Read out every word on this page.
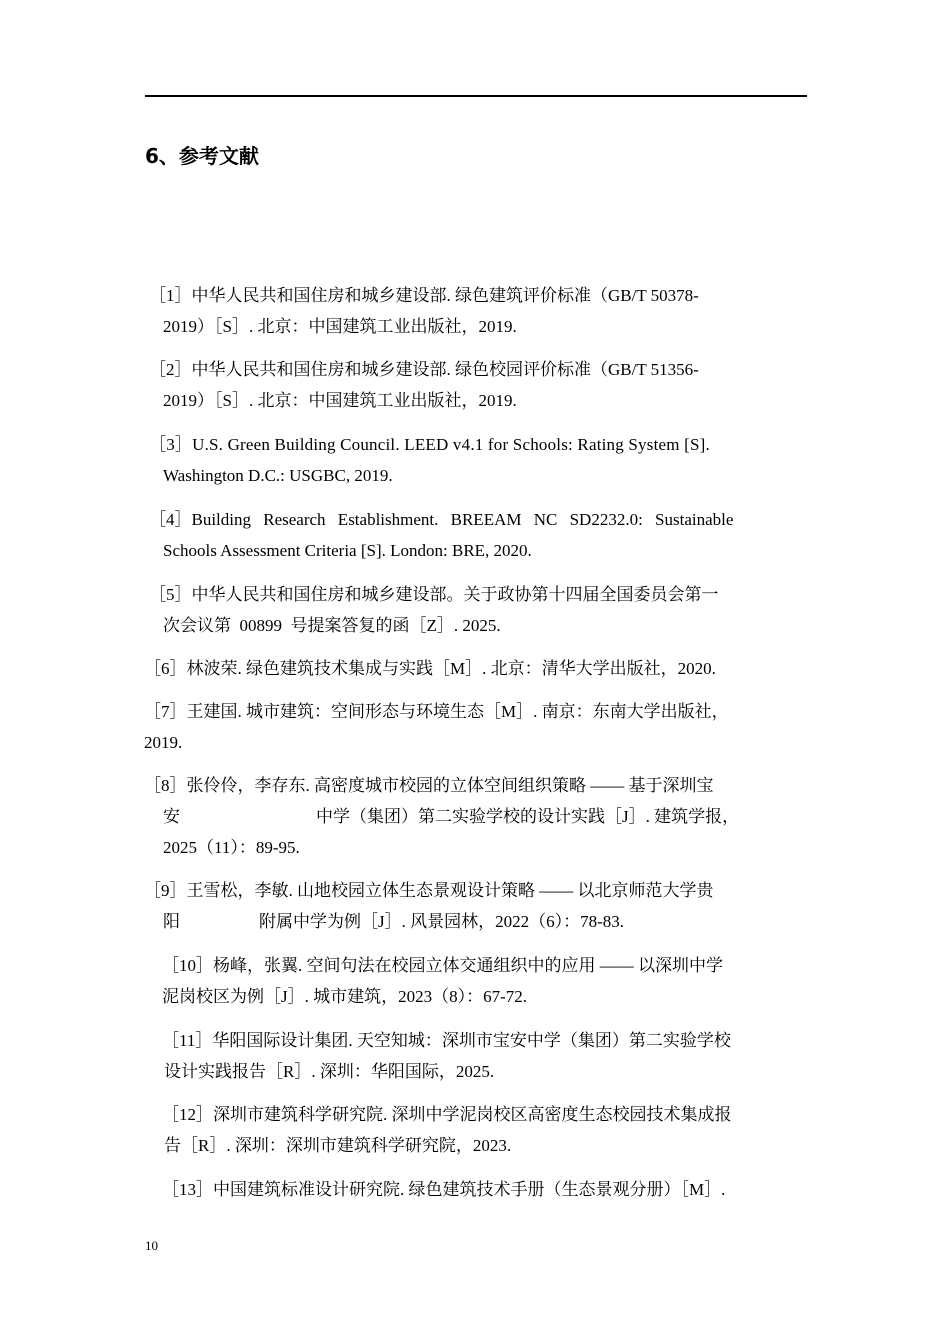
6、参考文献
［1］中华人民共和国住房和城乡建设部. 绿色建筑评价标准（GB/T 50378-
2019）［S］. 北京：中国建筑工业出版社，2019.
［2］中华人民共和国住房和城乡建设部. 绿色校园评价标准（GB/T 51356-
2019）［S］. 北京：中国建筑工业出版社，2019.
［3］U.S. Green Building Council. LEED v4.1 for Schools: Rating System [S].
Washington D.C.: USGBC, 2019.
［4］Building Research Establishment. BREEAM NC SD2232.0: Sustainable
Schools Assessment Criteria [S]. London: BRE, 2020.
［5］中华人民共和国住房和城乡建设部。关于政协第十四届全国委员会第一
次会议第  00899  号提案答复的函［Z］. 2025.
［6］林波荣. 绿色建筑技术集成与实践［M］. 北京：清华大学出版社，2020.
［7］王建国. 城市建筑：空间形态与环境生态［M］. 南京：东南大学出版社，
2019.
［8］张伶伶，李存东. 高密度城市校园的立体空间组织策略 —— 基于深圳宝
安	中学（集团）第二实验学校的设计实践［J］. 建筑学报，
2025（11）：89-95.
［9］王雪松，李敏. 山地校园立体生态景观设计策略 —— 以北京师范大学贵
阳	附属中学为例［J］. 风景园林，2022（6）：78-83.
［10］杨峰，张翼. 空间句法在校园立体交通组织中的应用 —— 以深圳中学
泥岗校区为例［J］. 城市建筑，2023（8）：67-72.
［11］华阳国际设计集团. 天空知城：深圳市宝安中学（集团）第二实验学校
设计实践报告［R］. 深圳：华阳国际，2025.
［12］深圳市建筑科学研究院. 深圳中学泥岗校区高密度生态校园技术集成报
告［R］. 深圳：深圳市建筑科学研究院，2023.
［13］中国建筑标准设计研究院. 绿色建筑技术手册（生态景观分册）［M］.
10
